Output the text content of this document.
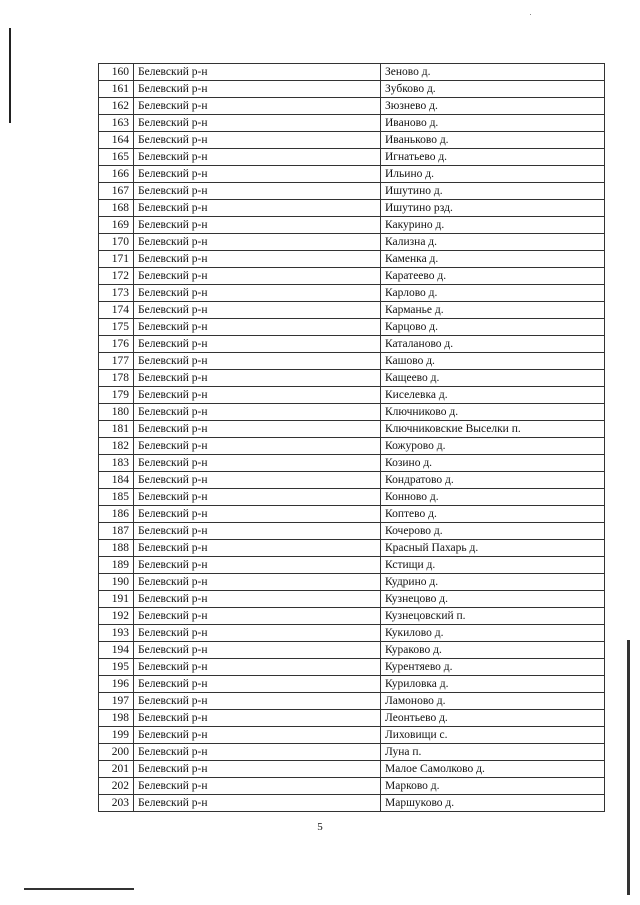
160	Белевский р-н	Зеново д.
161	Белевский р-н	Зубково д.
162	Белевский р-н	Зюзнево д.
163	Белевский р-н	Иваново д.
164	Белевский р-н	Иваньково д.
165	Белевский р-н	Игнатьево д.
166	Белевский р-н	Ильино д.
167	Белевский р-н	Ишутино д.
168	Белевский р-н	Ишутино рзд.
169	Белевский р-н	Какурино д.
170	Белевский р-н	Кализна д.
171	Белевский р-н	Каменка д.
172	Белевский р-н	Каратеево д.
173	Белевский р-н	Карлово д.
174	Белевский р-н	Карманье д.
175	Белевский р-н	Карцово д.
176	Белевский р-н	Каталаново д.
177	Белевский р-н	Кашово д.
178	Белевский р-н	Кащеево д.
179	Белевский р-н	Киселевка д.
180	Белевский р-н	Ключниково д.
181	Белевский р-н	Ключниковские Выселки п.
182	Белевский р-н	Кожурово д.
183	Белевский р-н	Козино д.
184	Белевский р-н	Кондратово д.
185	Белевский р-н	Конново д.
186	Белевский р-н	Коптево д.
187	Белевский р-н	Кочерово д.
188	Белевский р-н	Красный Пахарь д.
189	Белевский р-н	Кстищи д.
190	Белевский р-н	Кудрино д.
191	Белевский р-н	Кузнецово д.
192	Белевский р-н	Кузнецовский п.
193	Белевский р-н	Кукилово д.
194	Белевский р-н	Кураково д.
195	Белевский р-н	Курентяево д.
196	Белевский р-н	Куриловка д.
197	Белевский р-н	Ламоново д.
198	Белевский р-н	Леонтьево д.
199	Белевский р-н	Лиховищи с.
200	Белевский р-н	Луна п.
201	Белевский р-н	Малое Самолково д.
202	Белевский р-н	Марково д.
203	Белевский р-н	Маршуково д.
5
